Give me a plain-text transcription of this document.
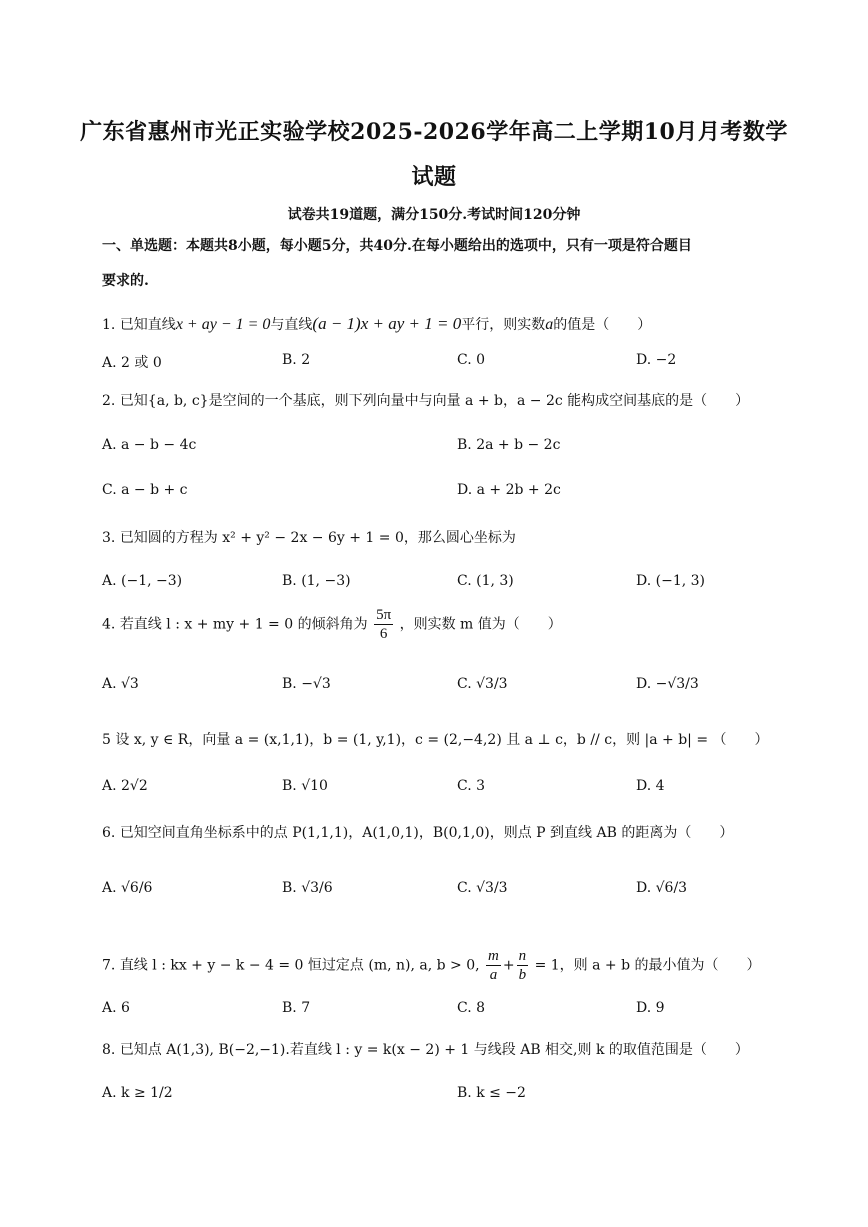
广东省惠州市光正实验学校2025-2026学年高二上学期10月月考数学
试题
试卷共19道题，满分150分.考试时间120分钟
一、单选题：本题共8小题，每小题5分，共40分.在每小题给出的选项中，只有一项是符合题目
要求的.
1. 已知直线x + ay − 1 = 0与直线(a − 1)x + ay + 1 = 0平行，则实数a的值是（　　）
A. 2 或 0	B. 2	C. 0	D. −2
2. 已知{a, b, c}是空间的一个基底，则下列向量中与向量 a + b，a − 2c 能构成空间基底的是（　　）
A. a − b − 4c	B. 2a + b − 2c
C. a − b + c	D. a + 2b + 2c
3. 已知圆的方程为 x² + y² − 2x − 6y + 1 = 0，那么圆心坐标为
A. (−1, −3)	B. (1, −3)	C. (1, 3)	D. (−1, 3)
4. 若直线 l : x + my + 1 = 0 的倾斜角为 $\frac{5\pi}{6}$ ，则实数 m 值为（　　）
A. √3	B. −√3	C. √3/3	D. −√3/3
5 设 x, y ∈ R，向量 a = (x,1,1)，b = (1, y,1)，c = (2,−4,2) 且 a ⊥ c，b // c，则 |a + b| = （　　）
A. 2√2	B. √10	C. 3	D. 4
6. 已知空间直角坐标系中的点 P(1,1,1)，A(1,0,1)，B(0,1,0)，则点 P 到直线 AB 的距离为（　　）
A. √6/6	B. √3/6	C. √3/3	D. √6/3
7. 直线 l : kx + y − k − 4 = 0 恒过定点 (m, n), a, b > 0, $\frac{m}{a} + \frac{n}{b} = 1$，则 a + b 的最小值为（　　）
A. 6	B. 7	C. 8	D. 9
8. 已知点 A(1,3), B(−2,−1).若直线 l : y = k(x − 2) + 1 与线段 AB 相交,则 k 的取值范围是（　　）
A. k ≥ 1/2	B. k ≤ −2
